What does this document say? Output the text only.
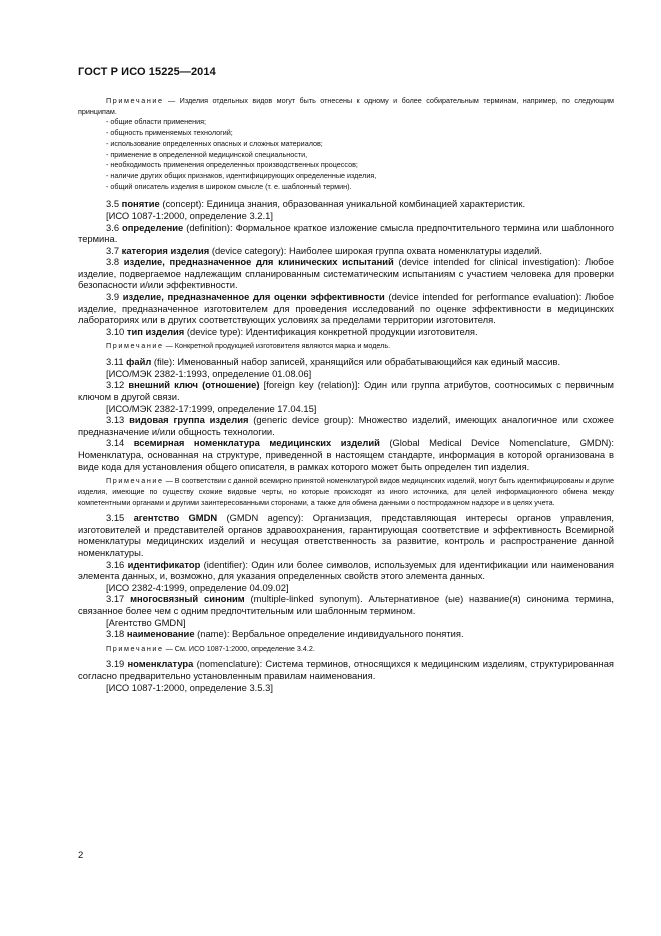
ГОСТ Р ИСО 15225—2014

Примечание — Изделия отдельных видов могут быть отнесены к одному и более собирательным терминам, например, по следующим принципам.

- общие области применения;

- общность применяемых технологий;

- использование определенных опасных и сложных материалов;

- применение в определенной медицинской специальности,

- необходимость применения определенных производственных процессов;

- наличие других общих признаков, идентифицирующих определенные изделия,

- общий описатель изделия в широком смысле (т. е. шаблонный термин).

3.5 понятие (concept): Единица знания, образованная уникальной комбинацией характеристик.

[ИСО 1087-1:2000, определение 3.2.1]

3.6 определение (definition): Формальное краткое изложение смысла предпочтительного термина или шаблонного термина.

3.7 категория изделия (device category): Наиболее широкая группа охвата номенклатуры изделий.

3.8 изделие, предназначенное для клинических испытаний (device intended for clinical investigation): Любое изделие, подвергаемое надлежащим спланированным систематическим испытаниям с участием человека для проверки безопасности и/или эффективности.

3.9 изделие, предназначенное для оценки эффективности (device intended for performance evaluation): Любое изделие, предназначенное изготовителем для проведения исследований по оценке эффективности в медицинских лабораториях или в других соответствующих условиях за пределами территории изготовителя.

3.10 тип изделия (device type): Идентификация конкретной продукции изготовителя.

Примечание — Конкретной продукцией изготовителя являются марка и модель.

3.11 файл (file): Именованный набор записей, хранящийся или обрабатывающийся как единый массив.

[ИСО/МЭК 2382-1:1993, определение 01.08.06]

3.12 внешний ключ (отношение) [foreign key (relation)]: Один или группа атрибутов, соотносимых с первичным ключом в другой связи.

[ИСО/МЭК 2382-17:1999, определение 17.04.15]

3.13 видовая группа изделия (generic device group): Множество изделий, имеющих аналогичное или схожее предназначение и/или общность технологии.

3.14 всемирная номенклатура медицинских изделий (Global Medical Device Nomenclature, GMDN): Номенклатура, основанная на структуре, приведенной в настоящем стандарте, информация в которой организована в виде кода для установления общего описателя, в рамках которого может быть определен тип изделия.

Примечание — В соответствии с данной всемирно принятой номенклатурой видов медицинских изделий, могут быть идентифицированы и другие изделия, имеющие по существу схожие видовые черты, но которые происходят из иного источника, для целей информационного обмена между компетентными органами и другими заинтересованными сторонами, а также для обмена данными о постпродажном надзоре и в целях учета.

3.15 агентство GMDN (GMDN agency): Организация, представляющая интересы органов управления, изготовителей и представителей органов здравоохранения, гарантирующая соответствие и эффективность Всемирной номенклатуры медицинских изделий и несущая ответственность за развитие, контроль и распространение данной номенклатуры.

3.16 идентификатор (identifier): Один или более символов, используемых для идентификации или наименования элемента данных, и, возможно, для указания определенных свойств этого элемента данных.

[ИСО 2382-4:1999, определение 04.09.02]

3.17 многосвязный синоним (multiple-linked synonym). Альтернативное (ые) название(я) синонима термина, связанное более чем с одним предпочтительным или шаблонным термином.

[Агентство GMDN]

3.18 наименование (name): Вербальное определение индивидуального понятия.

Примечание — См. ИСО 1087-1:2000, определение 3.4.2.

3.19 номенклатура (nomenclature): Система терминов, относящихся к медицинским изделиям, структурированная согласно предварительно установленным правилам наименования.

[ИСО 1087-1:2000, определение 3.5.3]

2
